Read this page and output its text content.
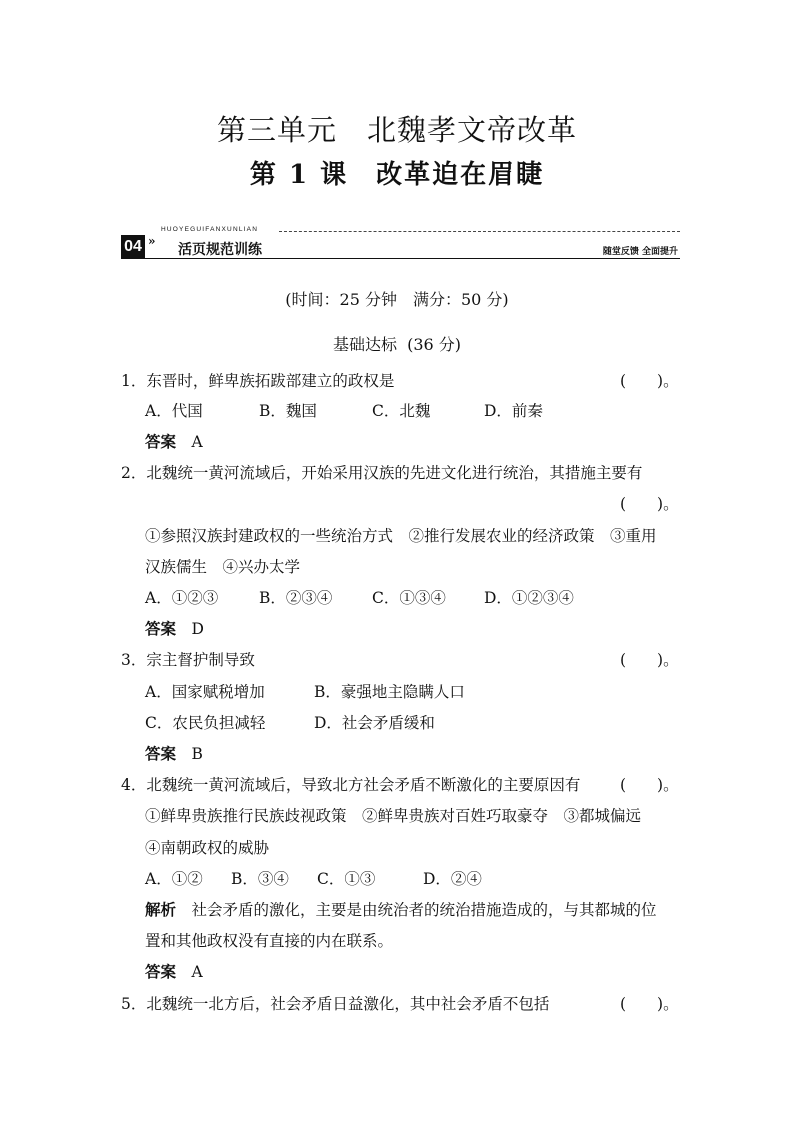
第三单元　北魏孝文帝改革
第 1 课　改革迫在眉睫
HUOYEGUIFANXUNLIAN
04 »
活页规范训练	随堂反馈 全面提升
(时间：25 分钟　满分：50 分)
基础达标  (36 分)
1．东晋时，鲜卑族拓跋部建立的政权是	(　　)。
A．代国	B．魏国	C．北魏	D．前秦
答案　 A
2．北魏统一黄河流域后，开始采用汉族的先进文化进行统治，其措施主要有
(　　)。
①参照汉族封建政权的一些统治方式　②推行发展农业的经济政策　③重用
汉族儒生　④兴办太学
A．①②③	B．②③④	C．①③④ D．①②③④
答案　 D
3．宗主督护制导致	(　　)。
A．国家赋税增加	B．豪强地主隐瞒人口
C．农民负担减轻	D．社会矛盾缓和
答案　 B
4．北魏统一黄河流域后，导致北方社会矛盾不断激化的主要原因有	(　　)。
①鲜卑贵族推行民族歧视政策　②鲜卑贵族对百姓巧取豪夺　③都城偏远
④南朝政权的威胁
A．①② B．③④ C．①③	D．②④
解析　 社会矛盾的激化，主要是由统治者的统治措施造成的，与其都城的位
置和其他政权没有直接的内在联系。
答案　 A
5．北魏统一北方后，社会矛盾日益激化，其中社会矛盾不包括	(　　)。
